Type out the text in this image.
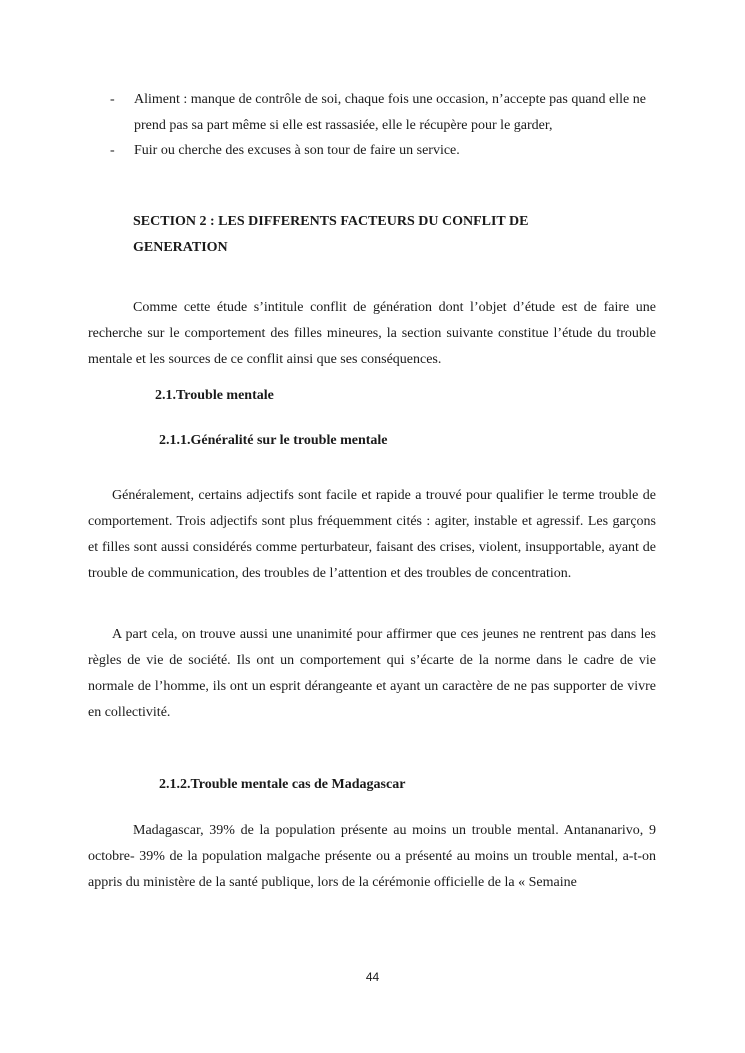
- Aliment : manque de contrôle de soi, chaque fois une occasion, n’accepte pas quand elle ne prend pas sa part même si elle est rassasiée, elle le récupère pour le garder,
- Fuir ou cherche des excuses à son tour de faire un service.
SECTION 2 : LES DIFFERENTS FACTEURS DU CONFLIT DE
GENERATION

Comme cette étude s’intitule conflit de génération dont l’objet d’étude est de faire une recherche sur le comportement des filles mineures, la section suivante constitue l’étude du trouble mentale et les sources de ce conflit ainsi que ses conséquences.

2.1.Trouble mentale
2.1.1.Généralité sur le trouble mentale

Généralement, certains adjectifs sont facile et rapide a trouvé pour qualifier le terme trouble de comportement. Trois adjectifs sont plus fréquemment cités : agiter, instable et agressif. Les garçons et filles sont aussi considérés comme perturbateur, faisant des crises, violent, insupportable, ayant de trouble de communication, des troubles de l’attention et des troubles de concentration.

A part cela, on trouve aussi une unanimité pour affirmer que ces jeunes ne rentrent pas dans les règles de vie de société. Ils ont un comportement qui s’écarte de la norme dans le cadre de vie normale de l’homme, ils ont un esprit dérangeante et ayant un caractère de ne pas supporter de vivre en collectivité.

2.1.2.Trouble mentale cas de Madagascar

Madagascar, 39% de la population présente au moins un trouble mental. Antananarivo, 9 octobre- 39% de la population malgache présente ou a présenté au moins un trouble mental, a-t-on appris du ministère de la santé publique, lors de la cérémonie officielle de la « Semaine

44
